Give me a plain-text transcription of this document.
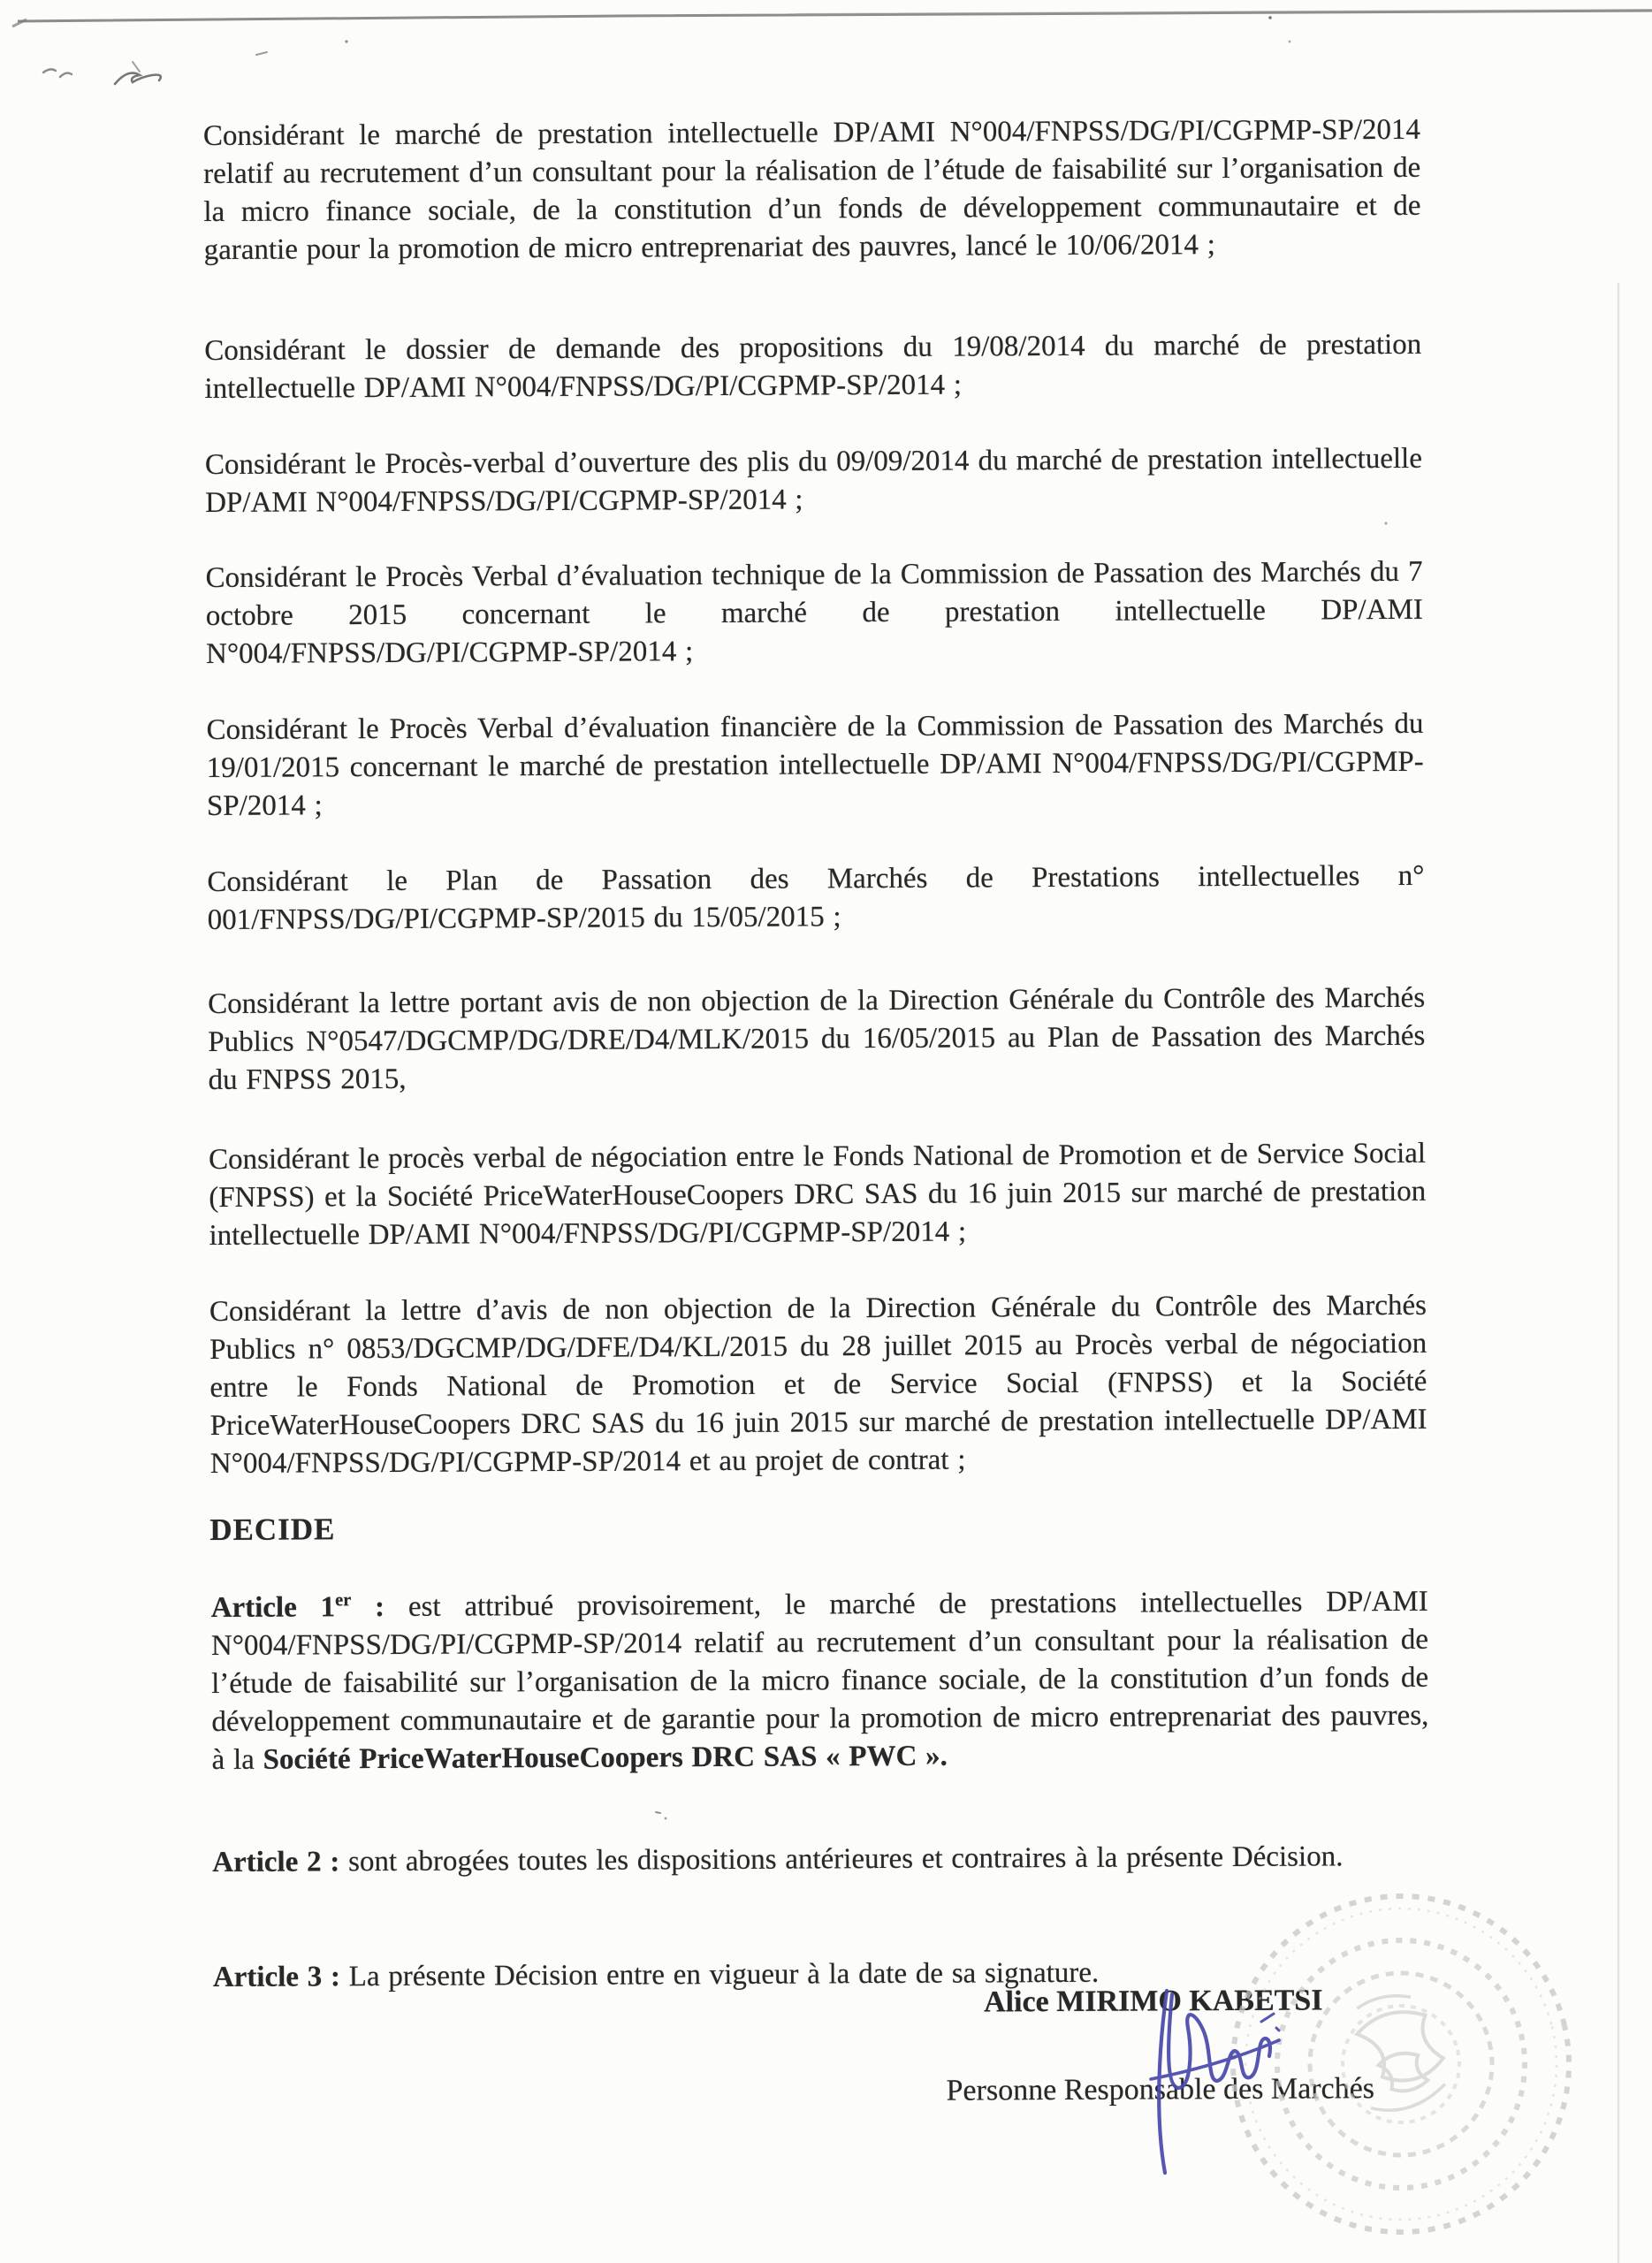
Considérant le marché de prestation intellectuelle DP/AMI N°004/FNPSS/DG/PI/CGPMP-SP/2014 relatif au recrutement d’un consultant pour la réalisation de l’étude de faisabilité sur l’organisation de la micro finance sociale, de la constitution d’un fonds de développement communautaire et de garantie pour la promotion de micro entreprenariat des pauvres, lancé le 10/06/2014 ;

Considérant le dossier de demande des propositions du 19/08/2014 du marché de prestation intellectuelle DP/AMI N°004/FNPSS/DG/PI/CGPMP-SP/2014 ;

Considérant le Procès-verbal d’ouverture des plis du 09/09/2014 du marché de prestation intellectuelle DP/AMI N°004/FNPSS/DG/PI/CGPMP-SP/2014 ;

Considérant le Procès Verbal d’évaluation technique de la Commission de Passation des Marchés du 7 octobre 2015 concernant le marché de prestation intellectuelle DP/AMI N°004/FNPSS/DG/PI/CGPMP-SP/2014 ;

Considérant le Procès Verbal d’évaluation financière de la Commission de Passation des Marchés du 19/01/2015 concernant le marché de prestation intellectuelle DP/AMI N°004/FNPSS/DG/PI/CGPMP-SP/2014 ;

Considérant le Plan de Passation des Marchés de Prestations intellectuelles n° 001/FNPSS/DG/PI/CGPMP-SP/2015 du 15/05/2015 ;

Considérant la lettre portant avis de non objection de la Direction Générale du Contrôle des Marchés Publics N°0547/DGCMP/DG/DRE/D4/MLK/2015 du 16/05/2015 au Plan de Passation des Marchés du FNPSS 2015,

Considérant le procès verbal de négociation entre le Fonds National de Promotion et de Service Social (FNPSS) et la Société PriceWaterHouseCoopers DRC SAS du 16 juin 2015 sur marché de prestation intellectuelle DP/AMI N°004/FNPSS/DG/PI/CGPMP-SP/2014 ;

Considérant la lettre d’avis de non objection de la Direction Générale du Contrôle des Marchés Publics n° 0853/DGCMP/DG/DFE/D4/KL/2015 du 28 juillet 2015 au Procès verbal de négociation entre le Fonds National de Promotion et de Service Social (FNPSS) et la Société PriceWaterHouseCoopers DRC SAS du 16 juin 2015 sur marché de prestation intellectuelle DP/AMI N°004/FNPSS/DG/PI/CGPMP-SP/2014 et au projet de contrat ;

DECIDE

Article 1er : est attribué provisoirement, le marché de prestations intellectuelles DP/AMI N°004/FNPSS/DG/PI/CGPMP-SP/2014 relatif au recrutement d’un consultant pour la réalisation de l’étude de faisabilité sur l’organisation de la micro finance sociale, de la constitution d’un fonds de développement communautaire et de garantie pour la promotion de micro entreprenariat des pauvres, à la Société PriceWaterHouseCoopers DRC SAS « PWC ».

Article 2 : sont abrogées toutes les dispositions antérieures et contraires à la présente Décision.

Article 3 : La présente Décision entre en vigueur à la date de sa signature.

Alice MIRIMO KABETSI

Personne Responsable des Marchés
